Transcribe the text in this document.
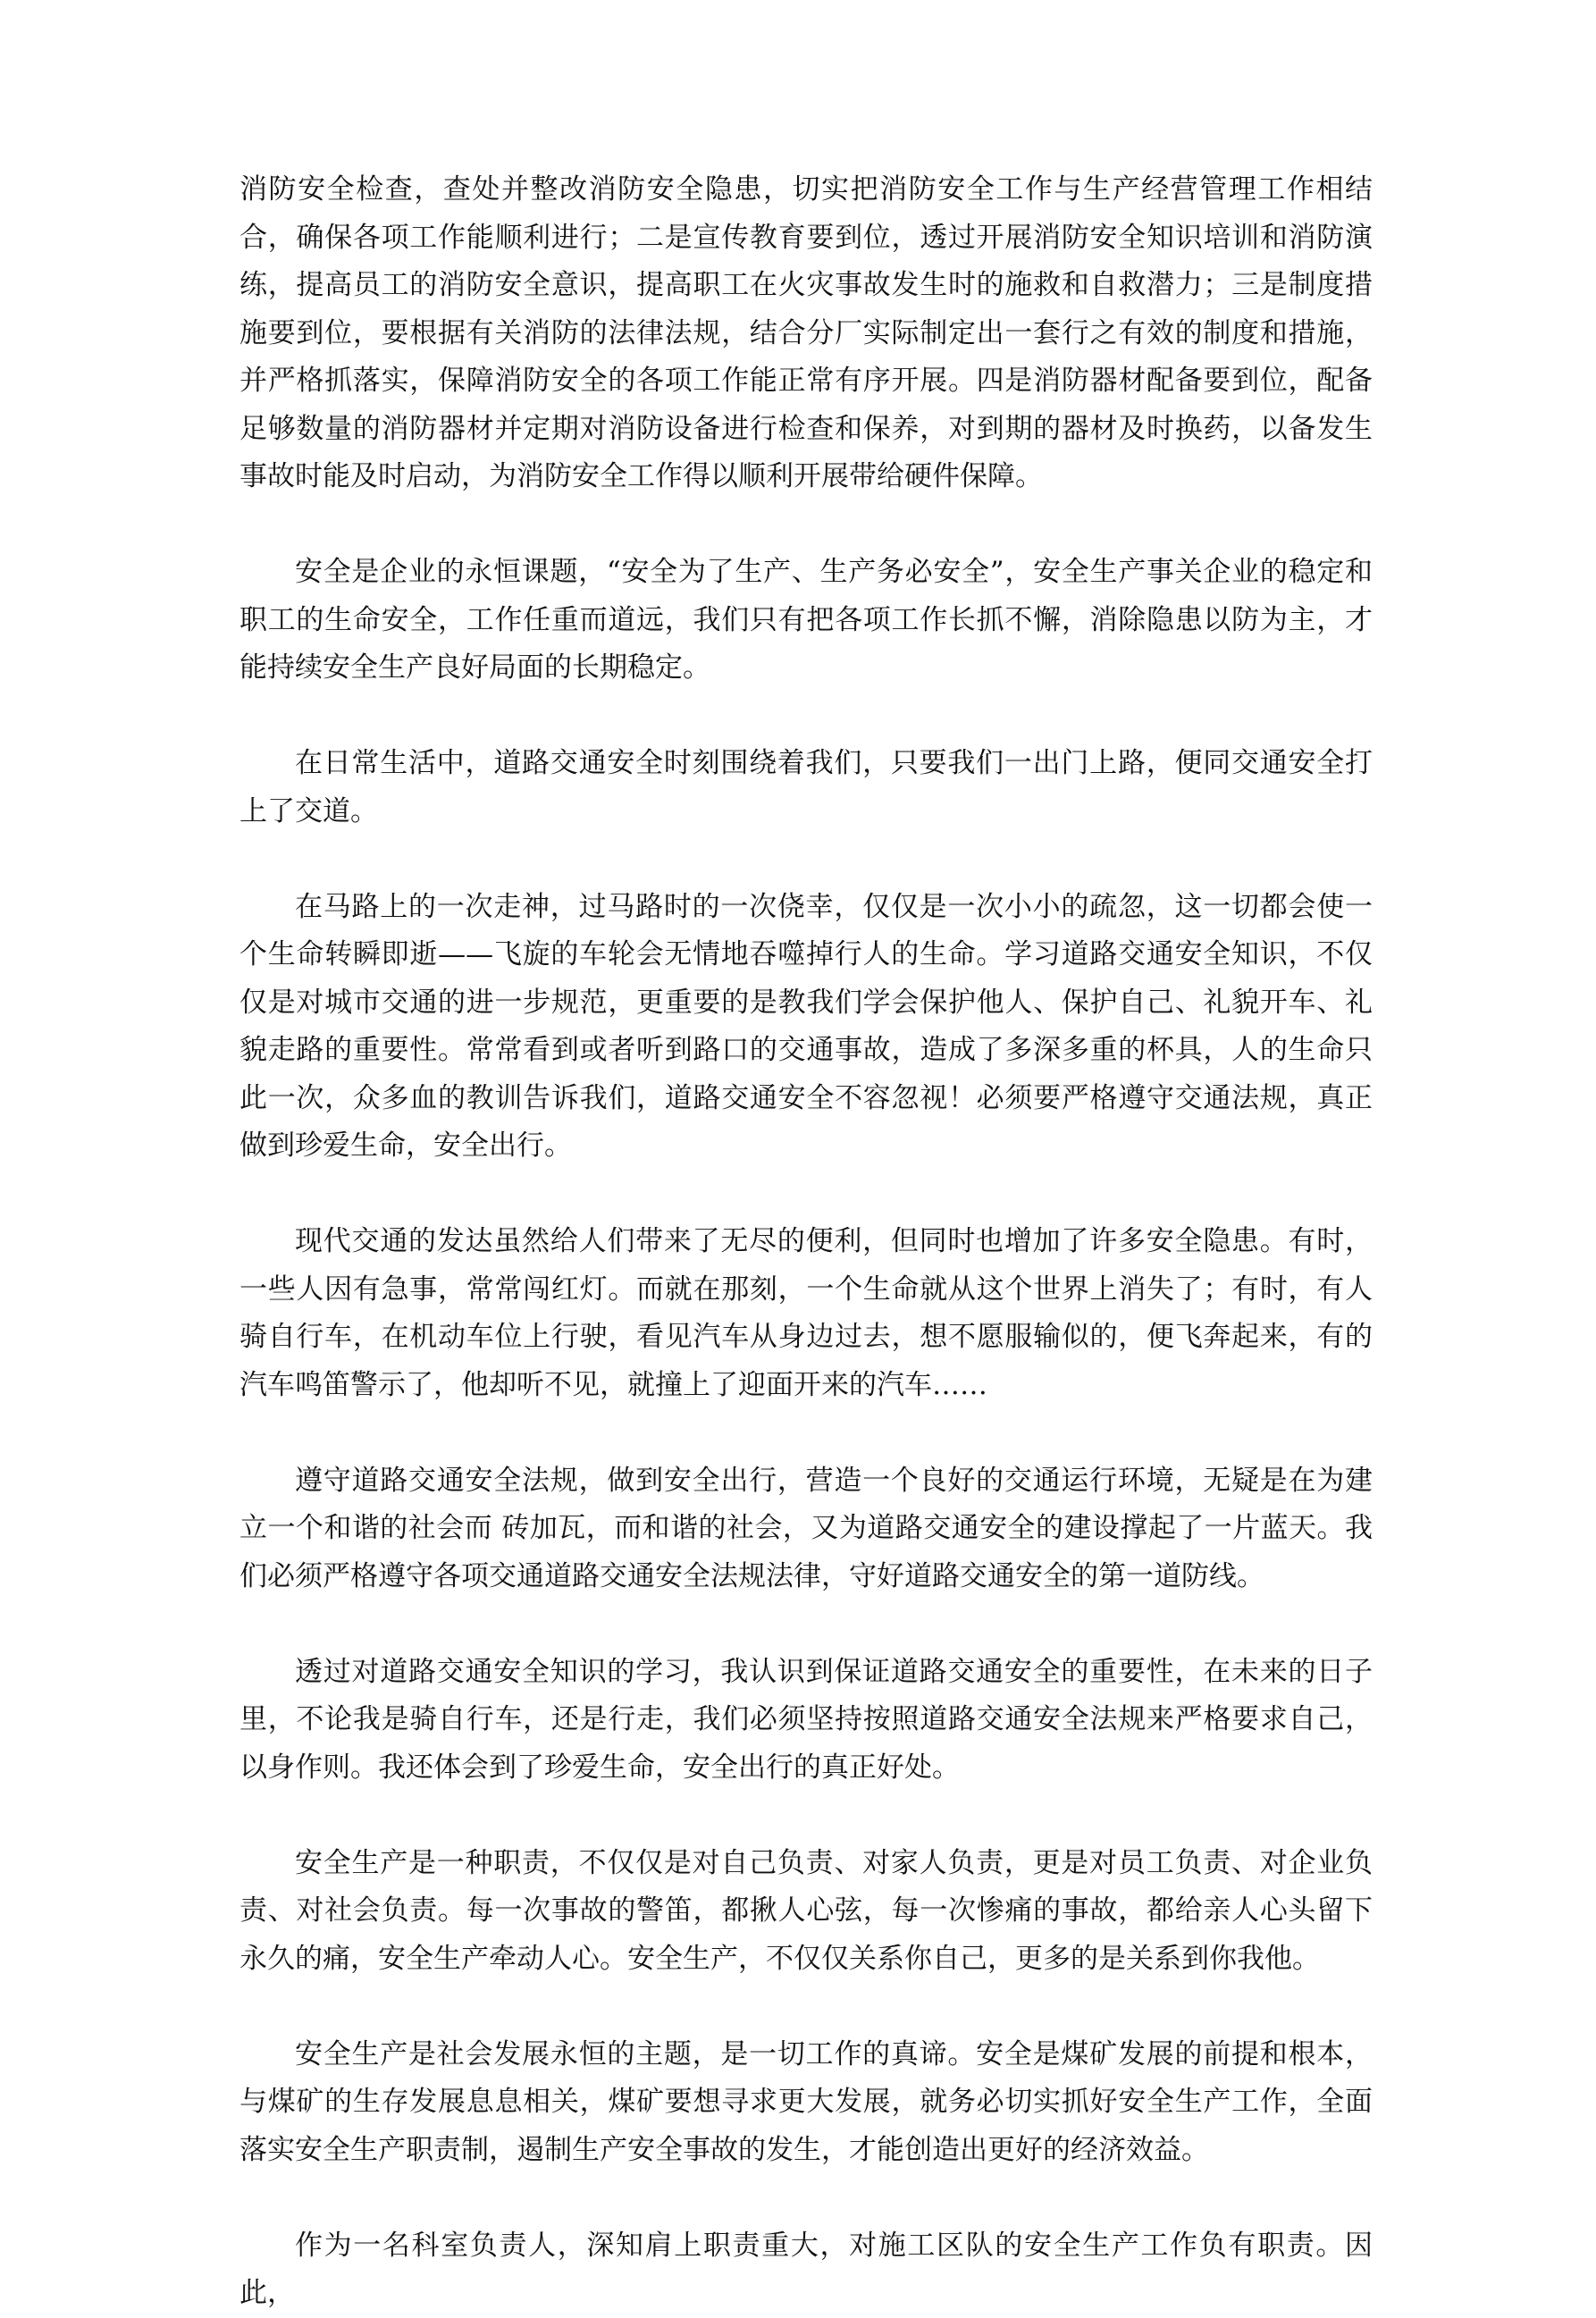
消防安全检查，查处并整改消防安全隐患，切实把消防安全工作与生产经营管理工作相结合，确保各项工作能顺利进行；二是宣传教育要到位，透过开展消防安全知识培训和消防演练，提高员工的消防安全意识，提高职工在火灾事故发生时的施救和自救潜力；三是制度措施要到位，要根据有关消防的法律法规，结合分厂实际制定出一套行之有效的制度和措施，并严格抓落实，保障消防安全的各项工作能正常有序开展。四是消防器材配备要到位，配备足够数量的消防器材并定期对消防设备进行检查和保养，对到期的器材及时换药，以备发生事故时能及时启动，为消防安全工作得以顺利开展带给硬件保障。

安全是企业的永恒课题，“安全为了生产、生产务必安全”，安全生产事关企业的稳定和职工的生命安全，工作任重而道远，我们只有把各项工作长抓不懈，消除隐患以防为主，才能持续安全生产良好局面的长期稳定。

在日常生活中，道路交通安全时刻围绕着我们，只要我们一出门上路，便同交通安全打上了交道。

在马路上的一次走神，过马路时的一次侥幸，仅仅是一次小小的疏忽，这一切都会使一个生命转瞬即逝——飞旋的车轮会无情地吞噬掉行人的生命。学习道路交通安全知识，不仅仅是对城市交通的进一步规范，更重要的是教我们学会保护他人、保护自己、礼貌开车、礼貌走路的重要性。常常看到或者听到路口的交通事故，造成了多深多重的杯具，人的生命只此一次，众多血的教训告诉我们，道路交通安全不容忽视！必须要严格遵守交通法规，真正做到珍爱生命，安全出行。

现代交通的发达虽然给人们带来了无尽的便利，但同时也增加了许多安全隐患。有时，一些人因有急事，常常闯红灯。而就在那刻，一个生命就从这个世界上消失了；有时，有人骑自行车，在机动车位上行驶，看见汽车从身边过去，想不愿服输似的，便飞奔起来，有的汽车鸣笛警示了，他却听不见，就撞上了迎面开来的汽车……

遵守道路交通安全法规，做到安全出行，营造一个良好的交通运行环境，无疑是在为建立一个和谐的社会而 砖加瓦，而和谐的社会，又为道路交通安全的建设撑起了一片蓝天。我们必须严格遵守各项交通道路交通安全法规法律，守好道路交通安全的第一道防线。

透过对道路交通安全知识的学习，我认识到保证道路交通安全的重要性，在未来的日子里，不论我是骑自行车，还是行走，我们必须坚持按照道路交通安全法规来严格要求自己，以身作则。我还体会到了珍爱生命，安全出行的真正好处。

安全生产是一种职责，不仅仅是对自己负责、对家人负责，更是对员工负责、对企业负责、对社会负责。每一次事故的警笛，都揪人心弦，每一次惨痛的事故，都给亲人心头留下永久的痛，安全生产牵动人心。安全生产，不仅仅关系你自己，更多的是关系到你我他。

安全生产是社会发展永恒的主题，是一切工作的真谛。安全是煤矿发展的前提和根本，与煤矿的生存发展息息相关，煤矿要想寻求更大发展，就务必切实抓好安全生产工作，全面落实安全生产职责制，遏制生产安全事故的发生，才能创造出更好的经济效益。

作为一名科室负责人，深知肩上职责重大，对施工区队的安全生产工作负有职责。因此，
